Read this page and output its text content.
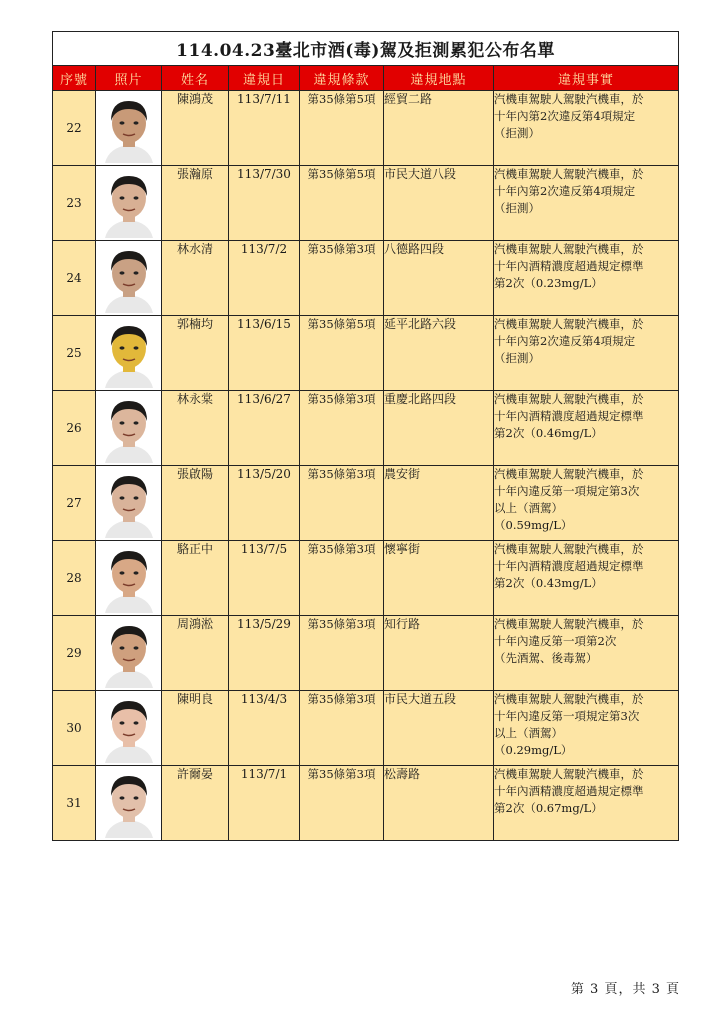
114.04.23臺北市酒(毒)駕及拒測累犯公布名單						
序號	照片	姓名	違規日	違規條款	違規地點	違規事實
22		陳鴻茂	113/7/11	第35條第5項	經貿二路	汽機車駕駛人駕駛汽機車，於
十年內第2次違反第4項規定
（拒測）

23		張瀚原	113/7/30	第35條第5項	市民大道八段	汽機車駕駛人駕駛汽機車，於
十年內第2次違反第4項規定
（拒測）

24		林水清	113/7/2	第35條第3項	八德路四段	汽機車駕駛人駕駛汽機車，於
十年內酒精濃度超過規定標準
第2次（0.23mg/L）

25		郭楠均	113/6/15	第35條第5項	延平北路六段	汽機車駕駛人駕駛汽機車，於
十年內第2次違反第4項規定
（拒測）

26		林永棠	113/6/27	第35條第3項	重慶北路四段	汽機車駕駛人駕駛汽機車，於
十年內酒精濃度超過規定標準
第2次（0.46mg/L）

27		張啟陽	113/5/20	第35條第3項	農安街	汽機車駕駛人駕駛汽機車，於
十年內違反第一項規定第3次
以上（酒駕）
（0.59mg/L）

28		駱正中	113/7/5	第35條第3項	懷寧街	汽機車駕駛人駕駛汽機車，於
十年內酒精濃度超過規定標準
第2次（0.43mg/L）

29		周鴻淞	113/5/29	第35條第3項	知行路	汽機車駕駛人駕駛汽機車，於
十年內違反第一項第2次
（先酒駕、後毒駕）

30		陳明良	113/4/3	第35條第3項	市民大道五段	汽機車駕駛人駕駛汽機車，於
十年內違反第一項規定第3次
以上（酒駕）
（0.29mg/L）

31		許爾晏	113/7/1	第35條第3項	松壽路	汽機車駕駛人駕駛汽機車，於
十年內酒精濃度超過規定標準
第2次（0.67mg/L）
第 3 頁，共 3 頁
